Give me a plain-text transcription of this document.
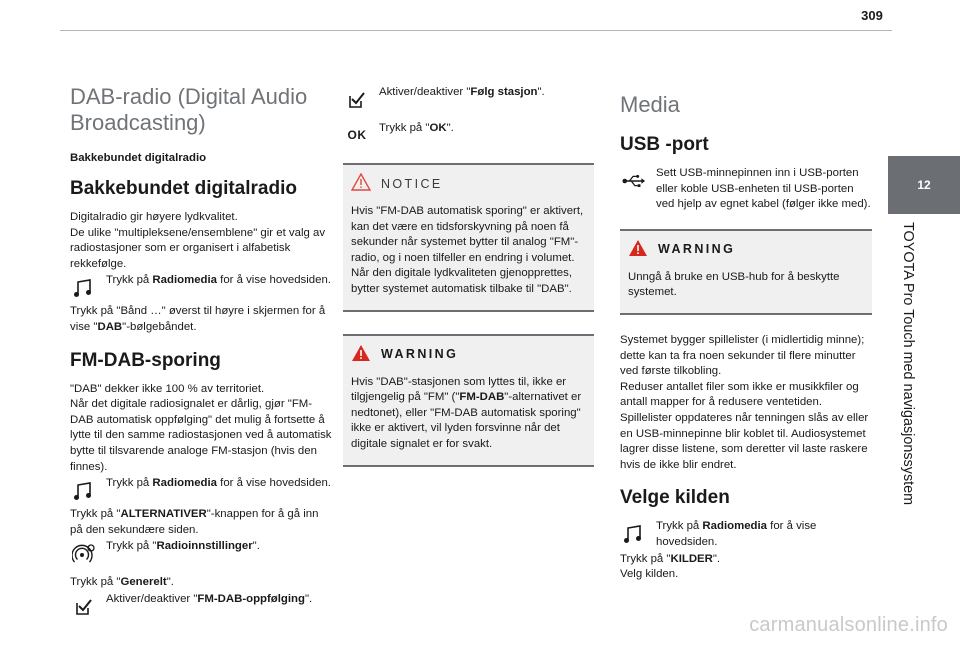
309
12
TOYOTA Pro Touch med navigasjonssystem
DAB-radio (Digital Audio Broadcasting)
Bakkebundet digitalradio
Bakkebundet digitalradio

Digitalradio gir høyere lydkvalitet.

De ulike "multipleksene/ensemblene" gir et valg av radiostasjoner som er organisert i alfabetisk rekkefølge.

Trykk på Radiomedia for å vise hovedsiden.

Trykk på "Bånd …" øverst til høyre i skjermen for å vise "DAB"-bølgebåndet.

FM-DAB-sporing

"DAB" dekker ikke 100 % av territoriet.

Når det digitale radiosignalet er dårlig, gjør "FM-DAB automatisk oppfølging" det mulig å fortsette å lytte til den samme radiostasjonen ved å automatisk bytte til tilsvarende analoge FM-stasjon (hvis den finnes).

Trykk på Radiomedia for å vise hovedsiden.

Trykk på "ALTERNATIVER"-knappen for å gå inn på den sekundære siden.

Trykk på "Radioinnstillinger".

Trykk på "Generelt".

Aktiver/deaktiver "FM-DAB-oppfølging".
Aktiver/deaktiver "Følg stasjon".
OK
Trykk på "OK".
NOTICE

Hvis "FM-DAB automatisk sporing" er aktivert, kan det være en tidsforskyvning på noen få sekunder når systemet bytter til analog "FM"-radio, og i noen tilfeller en endring i volumet.

Når den digitale lydkvaliteten gjenopprettes, bytter systemet automatisk tilbake til "DAB".

WARNING

Hvis "DAB"-stasjonen som lyttes til, ikke er tilgjengelig på "FM" ("FM-DAB"-alternativet er nedtonet), eller "FM-DAB automatisk sporing" ikke er aktivert, vil lyden forsvinne når det digitale signalet er for svakt.

Media
USB -port
Sett USB-minnepinnen inn i USB-porten eller koble USB-enheten til USB-porten ved hjelp av egnet kabel (følger ikke med).
WARNING

Unngå å bruke en USB-hub for å beskytte systemet.

Systemet bygger spillelister (i midlertidig minne); dette kan ta fra noen sekunder til flere minutter ved første tilkobling.

Reduser antallet filer som ikke er musikkfiler og antall mapper for å redusere ventetiden.

Spillelister oppdateres når tenningen slås av eller en USB-minnepinne blir koblet til. Audiosystemet lagrer disse listene, som deretter vil laste raskere hvis de ikke blir endret.

Velge kilden
Trykk på Radiomedia for å vise hovedsiden.

Trykk på "KILDER".

Velg kilden.

carmanualsonline.info
